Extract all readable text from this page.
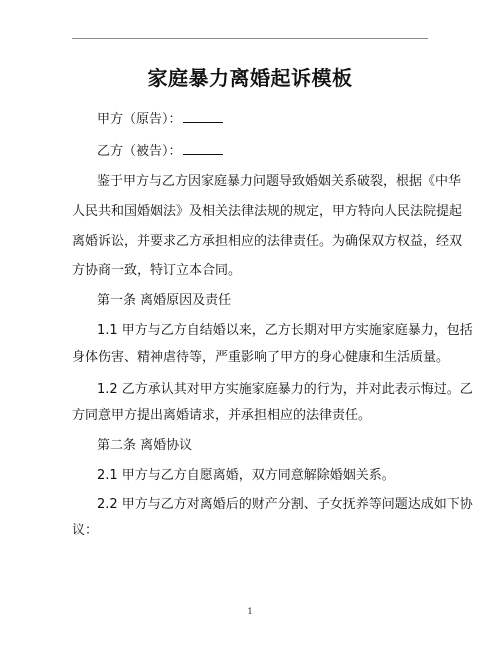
家庭暴力离婚起诉模板
甲方（原告）：
乙方（被告）：
鉴于甲方与乙方因家庭暴力问题导致婚姻关系破裂，根据《中华
人民共和国婚姻法》及相关法律法规的规定，甲方特向人民法院提起
离婚诉讼，并要求乙方承担相应的法律责任。为确保双方权益，经双
方协商一致，特订立本合同。
第一条 离婚原因及责任
1.1 甲方与乙方自结婚以来，乙方长期对甲方实施家庭暴力，包括
身体伤害、精神虐待等，严重影响了甲方的身心健康和生活质量。
1.2 乙方承认其对甲方实施家庭暴力的行为，并对此表示悔过。乙
方同意甲方提出离婚请求，并承担相应的法律责任。
第二条 离婚协议
2.1 甲方与乙方自愿离婚，双方同意解除婚姻关系。
2.2 甲方与乙方对离婚后的财产分割、子女抚养等问题达成如下协
议：
1
